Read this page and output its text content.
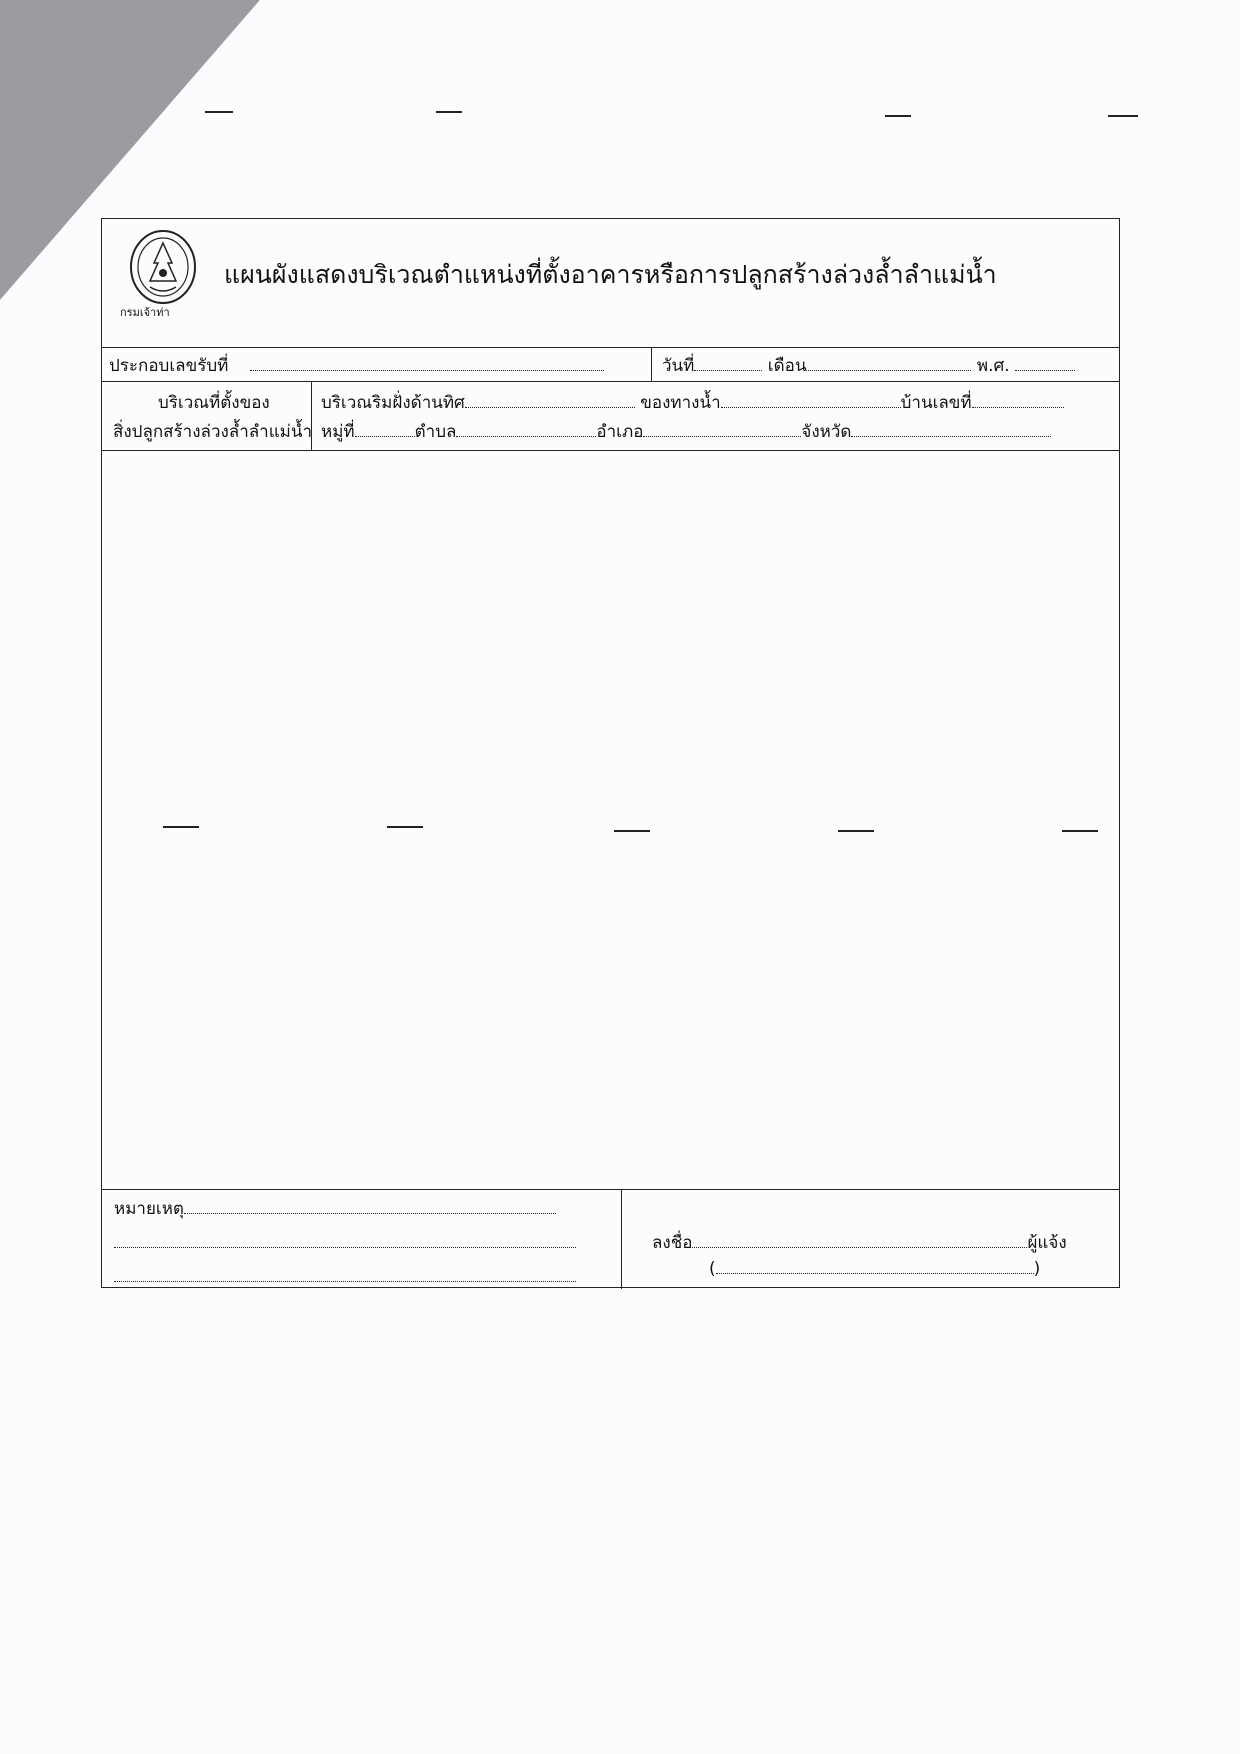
กรมเจ้าท่า
แผนผังแสดงบริเวณตำแหน่งที่ตั้งอาคารหรือการปลูกสร้างล่วงล้ำลำแม่น้ำ
ประกอบเลขรับที่	วันที่	เดือน	พ.ศ.
บริเวณที่ตั้งของ
สิ่งปลูกสร้างล่วงล้ำลำแม่น้ำ
บริเวณริมฝั่งด้านทิศ	ของทางน้ำ	บ้านเลขที่
หมู่ที่	ตำบล	อำเภอ	จังหวัด
หมายเหตุ
ลงชื่อ	ผู้แจ้ง
(	)
